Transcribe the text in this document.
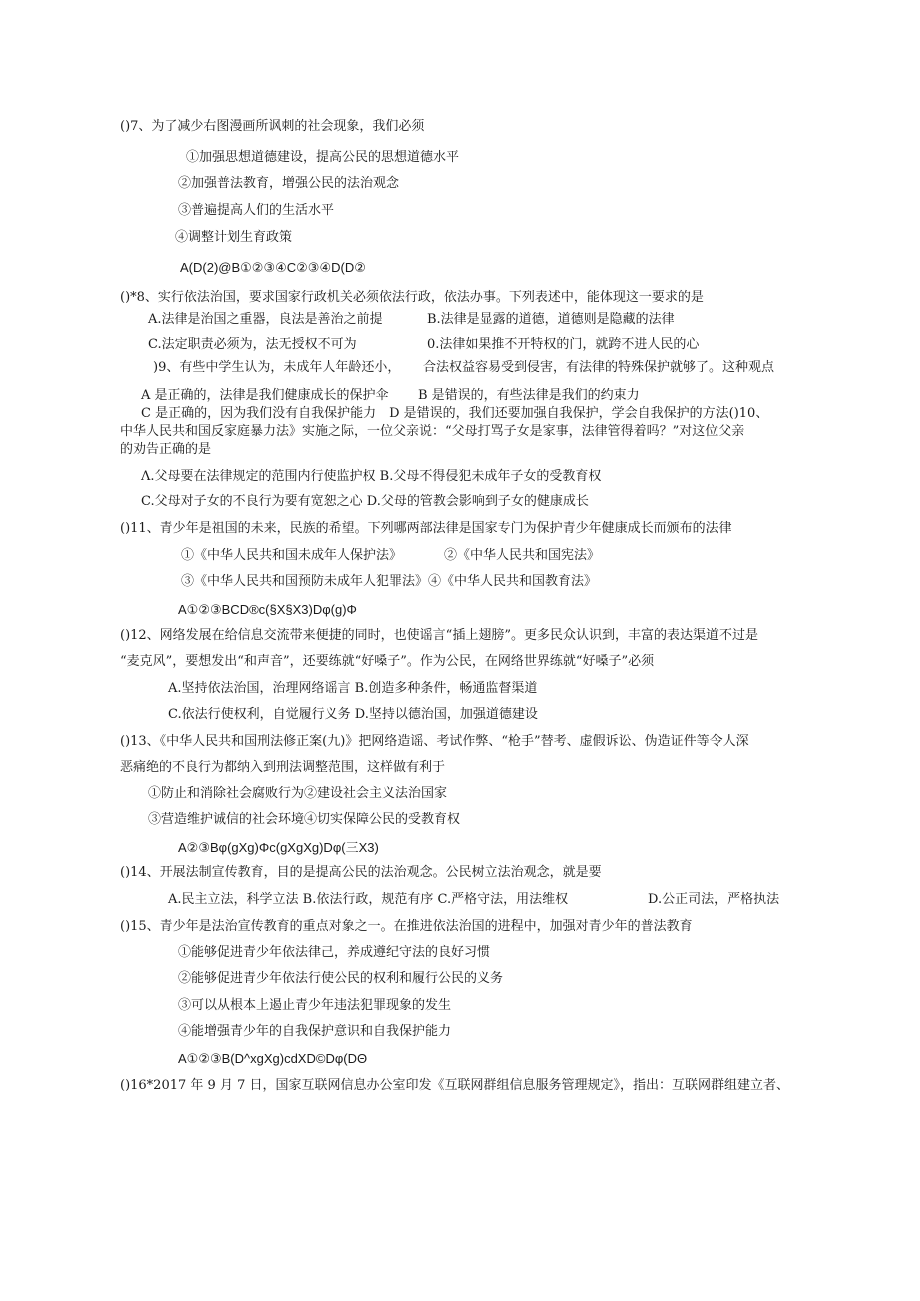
()7、为了减少右图漫画所讽刺的社会现象，我们必须
①加强思想道德建设，提高公民的思想道德水平
②加强普法教育，增强公民的法治观念
③普遍提高人们的生活水平
④调整计划生育政策
A(D(2)@B①②③④C②③④D(D②
()*8、实行依法治国，要求国家行政机关必须依法行政，依法办事。下列表述中，能体现这一要求的是
A.法律是治国之重器，良法是善治之前提	B.法律是显露的道德，道德则是隐藏的法律
C.法定职责必须为，法无授权不可为	0.法律如果推不开特权的门，就跨不进人民的心
)9、有些中学生认为，未成年人年龄还小， 合法权益容易受到侵害，有法律的特殊保护就够了。这种观点
A 是正确的，法律是我们健康成长的保护伞 B 是错误的，有些法律是我们的约束力
C 是正确的，因为我们没有自我保护能力　D 是错误的，我们还要加强自我保护，学会自我保护的方法()10、
中华人民共和国反家庭暴力法》实施之际，一位父亲说：“父母打骂子女是家事，法律管得着吗？”对这位父亲
的劝告正确的是
Λ.父母要在法律规定的范围内行使监护权 B.父母不得侵犯未成年子女的受教育权
C.父母对子女的不良行为要有宽恕之心 D.父母的管教会影响到子女的健康成长
()11、青少年是祖国的未来，民族的希望。下列哪两部法律是国家专门为保护青少年健康成长而颁布的法律
①《中华人民共和国未成年人保护法》	②《中华人民共和国宪法》
③《中华人民共和国预防未成年人犯罪法》④《中华人民共和国教育法》
A①②③BCD®c(§X§X3)Dφ(g)Φ
()12、网络发展在给信息交流带来便捷的同时，也使谣言“插上翅膀”。更多民众认识到，丰富的表达渠道不过是
“麦克风”，要想发出“和声音”，还要练就“好嗓子”。作为公民，在网络世界练就“好嗓子”必须
A.坚持依法治国，治理网络谣言 B.创造多种条件，畅通监督渠道
C.依法行使权利，自觉履行义务 D.坚持以德治国，加强道德建设
()13、《中华人民共和国刑法修正案(九)》把网络造谣、考试作弊、“枪手”替考、虚假诉讼、伪造证件等令人深
恶痛绝的不良行为都纳入到刑法调整范围，这样做有利于
①防止和消除社会腐败行为②建设社会主义法治国家
③营造维护诚信的社会环境④切实保障公民的受教育权
A②③Bφ(gXg)Φc(gXgXg)Dφ(三X3)
()14、开展法制宣传教育，目的是提高公民的法治观念。公民树立法治观念，就是要
A.民主立法，科学立法 B.依法行政，规范有序 C.严格守法，用法维权	D.公正司法，严格执法
()15、青少年是法治宣传教育的重点对象之一。在推进依法治国的进程中，加强对青少年的普法教育
①能够促进青少年依法律己，养成遵纪守法的良好习惯
②能够促进青少年依法行使公民的权利和履行公民的义务
③可以从根本上遏止青少年违法犯罪现象的发生
④能增强青少年的自我保护意识和自我保护能力
A①②③B(D^xgXg)cdXD©Dφ(DΘ
()16*2017 年 9 月 7 日，国家互联网信息办公室印发《互联网群组信息服务管理规定》，指出：互联网群组建立者、
